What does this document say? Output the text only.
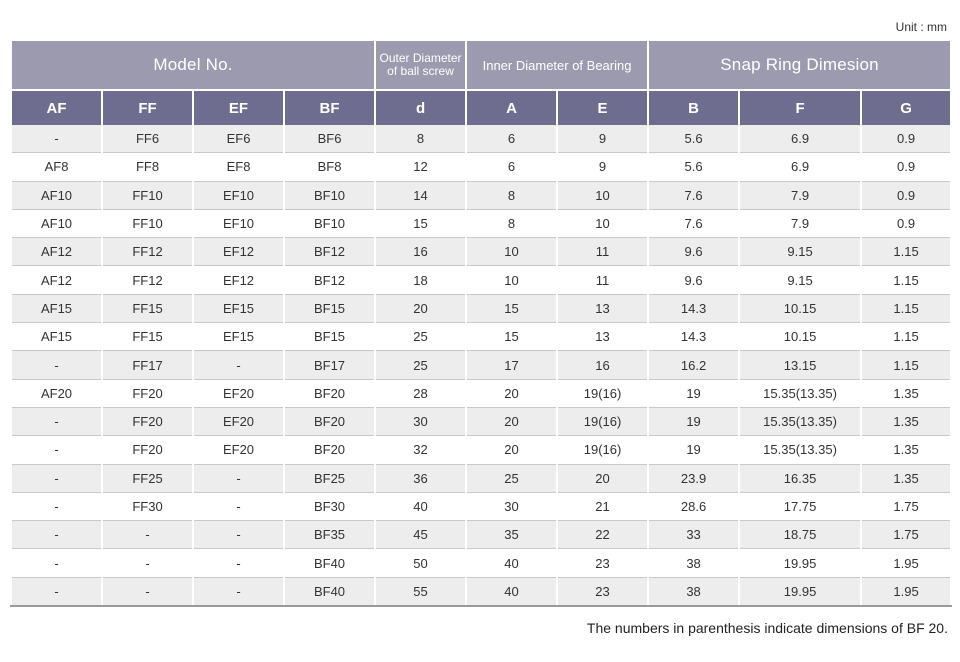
Unit : mm
Model No.				Outer Diameter of ball screw	Inner Diameter of Bearing		Snap Ring Dimesion		
AF	FF	EF	BF	d	A	E	B	F	G
-	FF6	EF6	BF6	8	6	9	5.6	6.9	0.9
AF8	FF8	EF8	BF8	12	6	9	5.6	6.9	0.9
AF10	FF10	EF10	BF10	14	8	10	7.6	7.9	0.9
AF10	FF10	EF10	BF10	15	8	10	7.6	7.9	0.9
AF12	FF12	EF12	BF12	16	10	11	9.6	9.15	1.15
AF12	FF12	EF12	BF12	18	10	11	9.6	9.15	1.15
AF15	FF15	EF15	BF15	20	15	13	14.3	10.15	1.15
AF15	FF15	EF15	BF15	25	15	13	14.3	10.15	1.15
-	FF17	-	BF17	25	17	16	16.2	13.15	1.15
AF20	FF20	EF20	BF20	28	20	19(16)	19	15.35(13.35)	1.35
-	FF20	EF20	BF20	30	20	19(16)	19	15.35(13.35)	1.35
-	FF20	EF20	BF20	32	20	19(16)	19	15.35(13.35)	1.35
-	FF25	-	BF25	36	25	20	23.9	16.35	1.35
-	FF30	-	BF30	40	30	21	28.6	17.75	1.75
-	-	-	BF35	45	35	22	33	18.75	1.75
-	-	-	BF40	50	40	23	38	19.95	1.95
-	-	-	BF40	55	40	23	38	19.95	1.95
The numbers in parenthesis indicate dimensions of BF 20.
